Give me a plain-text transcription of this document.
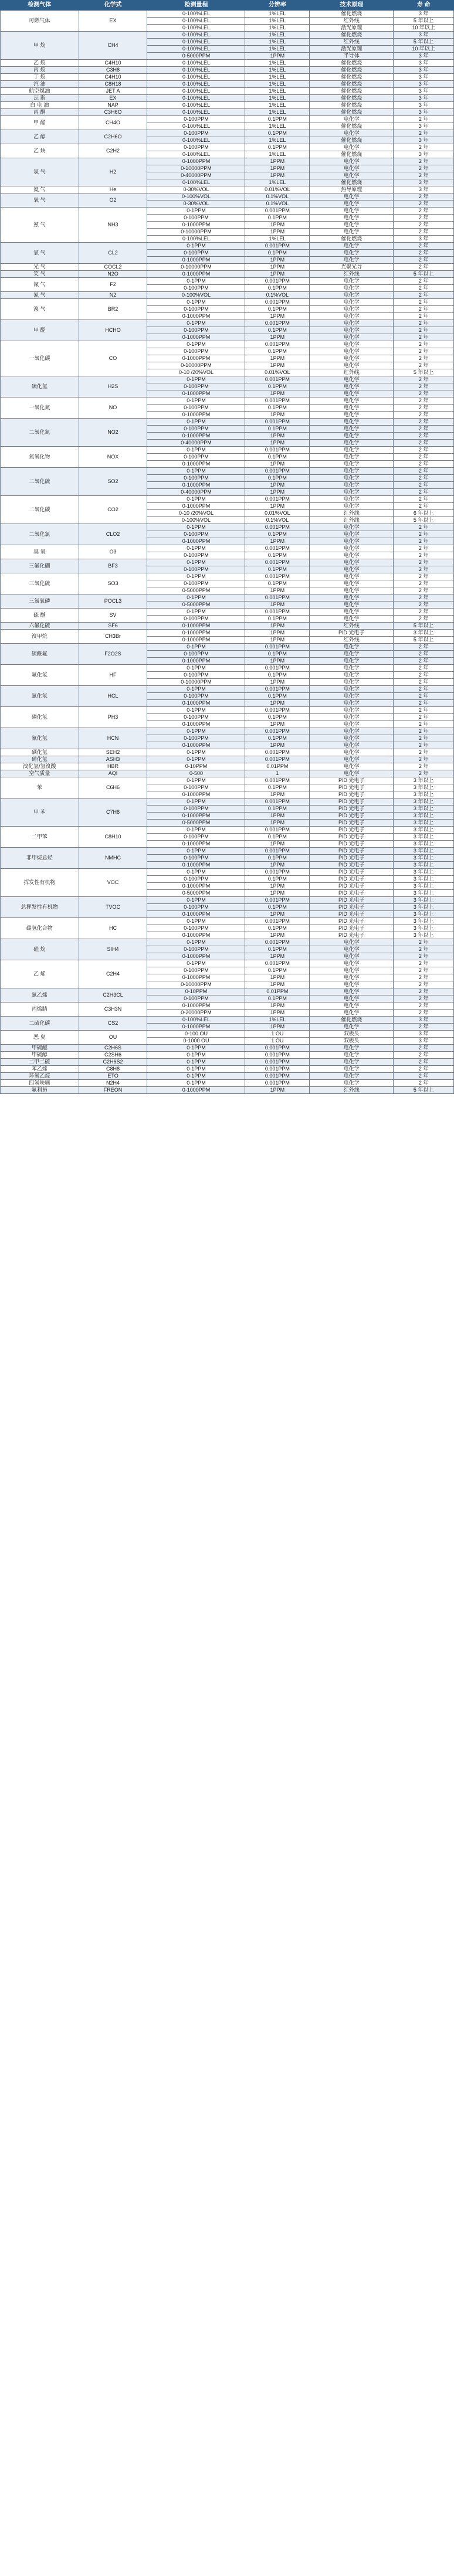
检测气体	化学式	检测量程	分辨率	技术原理	寿 命
可燃气体	EX	0-100%LEL	1%LEL	催化燃烧	3 年
		0-100%LEL	1%LEL	红外线	5 年以上
		0-100%LEL	1%LEL	激光原理	10 年以上
甲 烷	CH4	0-100%LEL	1%LEL	催化燃烧	3 年
		0-100%LEL	1%LEL	红外线	5 年以上
		0-100%LEL	1%LEL	激光原理	10 年以上
		0-5000PPM	1PPM	半导体	3 年
乙 烷	C4H10	0-100%LEL	1%LEL	催化燃烧	3 年
丙 烷	C3H8	0-100%LEL	1%LEL	催化燃烧	3 年
丁 烷	C4H10	0-100%LEL	1%LEL	催化燃烧	3 年
汽 油	C8H18	0-100%LEL	1%LEL	催化燃烧	3 年
航空煤油	JET A	0-100%LEL	1%LEL	催化燃烧	3 年
瓦 斯	EX	0-100%LEL	1%LEL	催化燃烧	3 年
白 电 油	NAP	0-100%LEL	1%LEL	催化燃烧	3 年
丙 酮	C3H6O	0-100%LEL	1%LEL	催化燃烧	3 年
甲 醛	CH4O	0-100PPM	0.1PPM	电化学	2 年
		0-100%LEL	1%LEL	催化燃烧	3 年
乙 醇	C2H6O	0-100PPM	0.1PPM	电化学	2 年
		0-100%LEL	1%LEL	催化燃烧	3 年
乙 炔	C2H2	0-100PPM	0.1PPM	电化学	2 年
		0-100%LEL	1%LEL	催化燃烧	3 年
氢 气	H2	0-1000PPM	1PPM	电化学	2 年
		0-10000PPM	1PPM	电化学	2 年
		0-40000PPM	1PPM	电化学	2 年
		0-100%LEL	1%LEL	催化燃烧	3 年
氦 气	He	0-30%VOL	0.01%VOL	热导原理	3 年
氧 气	O2	0-100%VOL	0.1%VOL	电化学	2 年
		0-30%VOL	0.1%VOL	电化学	2 年
氨 气	NH3	0-1PPM	0.001PPM	电化学	2 年
		0-100PPM	0.1PPM	电化学	2 年
		0-1000PPM	1PPM	电化学	2 年
		0-10000PPM	1PPM	电化学	2 年
		0-100%LEL	1%LEL	催化燃烧	3 年
氯 气	CL2	0-1PPM	0.001PPM	电化学	2 年
		0-100PPM	0.1PPM	电化学	2 年
		0-1000PPM	1PPM	电化学	2 年
光 气	COCL2	0-10000PPM	1PPM	光聚光导	2 年
笑 气	N2O	0-1000PPM	1PPM	红外线	5 年以上
氟 气	F2	0-1PPM	0.001PPM	电化学	2 年
		0-100PPM	0.1PPM	电化学	2 年
氮 气	N2	0-100%VOL	0.1%VOL	电化学	2 年
溴 气	BR2	0-1PPM	0.001PPM	电化学	2 年
		0-100PPM	0.1PPM	电化学	2 年
		0-1000PPM	1PPM	电化学	2 年
甲 醛	HCHO	0-1PPM	0.001PPM	电化学	2 年
		0-100PPM	0.1PPM	电化学	2 年
		0-1000PPM	1PPM	电化学	2 年
一氧化碳	CO	0-1PPM	0.001PPM	电化学	2 年
		0-100PPM	0.1PPM	电化学	2 年
		0-1000PPM	1PPM	电化学	2 年
		0-10000PPM	1PPM	电化学	2 年
		0-10 /20%VOL	0.01%VOL	红外线	5 年以上
硫化氢	H2S	0-1PPM	0.001PPM	电化学	2 年
		0-100PPM	0.1PPM	电化学	2 年
		0-1000PPM	1PPM	电化学	2 年
一氧化氮	NO	0-1PPM	0.001PPM	电化学	2 年
		0-100PPM	0.1PPM	电化学	2 年
		0-1000PPM	1PPM	电化学	2 年
二氧化氮	NO2	0-1PPM	0.001PPM	电化学	2 年
		0-100PPM	0.1PPM	电化学	2 年
		0-1000PPM	1PPM	电化学	2 年
		0-40000PPM	1PPM	电化学	2 年
氮氧化物	NOX	0-1PPM	0.001PPM	电化学	2 年
		0-100PPM	0.1PPM	电化学	2 年
		0-1000PPM	1PPM	电化学	2 年
二氧化硫	SO2	0-1PPM	0.001PPM	电化学	2 年
		0-100PPM	0.1PPM	电化学	2 年
		0-1000PPM	1PPM	电化学	2 年
		0-40000PPM	1PPM	电化学	2 年
二氧化碳	CO2	0-1PPM	0.001PPM	电化学	2 年
		0-1000PPM	1PPM	电化学	2 年
		0-10 /20%VOL	0.01%VOL	红外线	6 年以上
		0-100%VOL	0.1%VOL	红外线	5 年以上
二氧化氯	CLO2	0-1PPM	0.001PPM	电化学	2 年
		0-100PPM	0.1PPM	电化学	2 年
		0-1000PPM	1PPM	电化学	2 年
臭 氧	O3	0-1PPM	0.001PPM	电化学	2 年
		0-100PPM	0.1PPM	电化学	2 年
三氟化硼	BF3	0-1PPM	0.001PPM	电化学	2 年
		0-100PPM	0.1PPM	电化学	2 年
三氧化硫	SO3	0-1PPM	0.001PPM	电化学	2 年
		0-100PPM	0.1PPM	电化学	2 年
		0-5000PPM	1PPM	电化学	2 年
三氯氧磷	POCL3	0-1PPM	0.001PPM	电化学	2 年
		0-5000PPM	1PPM	电化学	2 年
硫 醚	SV	0-1PPM	0.001PPM	电化学	2 年
		0-100PPM	0.1PPM	电化学	2 年
六氟化硫	SF6	0-1000PPM	1PPM	红外线	5 年以上
溴甲烷	CH3Br	0-1000PPM	1PPM	PID 光电子	3 年以上
		0-1000PPM	1PPM	红外线	5 年以上
硫酰氟	F2O2S	0-1PPM	0.001PPM	电化学	2 年
		0-100PPM	0.1PPM	电化学	2 年
		0-1000PPM	1PPM	电化学	2 年
氟化氢	HF	0-1PPM	0.001PPM	电化学	2 年
		0-100PPM	0.1PPM	电化学	2 年
		0-10000PPM	1PPM	电化学	2 年
氯化氢	HCL	0-1PPM	0.001PPM	电化学	2 年
		0-100PPM	0.1PPM	电化学	2 年
		0-1000PPM	1PPM	电化学	2 年
磷化氢	PH3	0-1PPM	0.001PPM	电化学	2 年
		0-100PPM	0.1PPM	电化学	2 年
		0-1000PPM	1PPM	电化学	2 年
氰化氢	HCN	0-1PPM	0.001PPM	电化学	2 年
		0-100PPM	0.1PPM	电化学	2 年
		0-1000PPM	1PPM	电化学	2 年
硒化氢	SEH2	0-1PPM	0.001PPM	电化学	2 年
砷化氢	ASH3	0-1PPM	0.001PPM	电化学	2 年
溴化氢/氢溴酸	HBR	0-10PPM	0.01PPM	电化学	2 年
空气质量	AQI	0-500	1	电化学	2 年
苯	C6H6	0-1PPM	0.001PPM	PID 光电子	3 年以上
		0-100PPM	0.1PPM	PID 光电子	3 年以上
		0-1000PPM	1PPM	PID 光电子	3 年以上
甲 苯	C7H8	0-1PPM	0.001PPM	PID 光电子	3 年以上
		0-100PPM	0.1PPM	PID 光电子	3 年以上
		0-1000PPM	1PPM	PID 光电子	3 年以上
		0-5000PPM	1PPM	PID 光电子	3 年以上
二甲苯	C8H10	0-1PPM	0.001PPM	PID 光电子	3 年以上
		0-100PPM	0.1PPM	PID 光电子	3 年以上
		0-1000PPM	1PPM	PID 光电子	3 年以上
非甲烷总烃	NMHC	0-1PPM	0.001PPM	PID 光电子	3 年以上
		0-100PPM	0.1PPM	PID 光电子	3 年以上
		0-1000PPM	1PPM	PID 光电子	3 年以上
挥发性有机物	VOC	0-1PPM	0.001PPM	PID 光电子	3 年以上
		0-100PPM	0.1PPM	PID 光电子	3 年以上
		0-1000PPM	1PPM	PID 光电子	3 年以上
		0-5000PPM	1PPM	PID 光电子	3 年以上
总挥发性有机物	TVOC	0-1PPM	0.001PPM	PID 光电子	3 年以上
		0-100PPM	0.1PPM	PID 光电子	3 年以上
		0-1000PPM	1PPM	PID 光电子	3 年以上
碳氢化合物	HC	0-1PPM	0.001PPM	PID 光电子	3 年以上
		0-100PPM	0.1PPM	PID 光电子	3 年以上
		0-1000PPM	1PPM	PID 光电子	3 年以上
硅 烷	SIH4	0-1PPM	0.001PPM	电化学	2 年
		0-100PPM	0.1PPM	电化学	2 年
		0-1000PPM	1PPM	电化学	2 年
乙 烯	C2H4	0-1PPM	0.001PPM	电化学	2 年
		0-100PPM	0.1PPM	电化学	2 年
		0-1000PPM	1PPM	电化学	2 年
		0-10000PPM	1PPM	电化学	2 年
氯乙烯	C2H3CL	0-10PPM	0.01PPM	电化学	2 年
		0-100PPM	0.1PPM	电化学	2 年
丙烯腈	C3H3N	0-1000PPM	1PPM	电化学	2 年
		0-20000PPM	1PPM	电化学	2 年
二硫化碳	CS2	0-100%LEL	1%LEL	催化燃烧	3 年
		0-1000PPM	1PPM	电化学	2 年
恶 臭	OU	0-100 OU	1 OU	双极头	3 年
		0-1000 OU	1 OU	双极头	3 年
甲硫醚	C2H6S	0-1PPM	0.001PPM	电化学	2 年
甲硫醇	C2SH6	0-1PPM	0.001PPM	电化学	2 年
二甲二硫	C2H6S2	0-1PPM	0.001PPM	电化学	2 年
苯乙烯	C8H8	0-1PPM	0.001PPM	电化学	2 年
环氧乙烷	ETO	0-1PPM	0.001PPM	电化学	2 年
四氢呋喃	N2H4	0-1PPM	0.001PPM	电化学	2 年
氟利昂	FREON	0-1000PPM	1PPM	红外线	5 年以上
